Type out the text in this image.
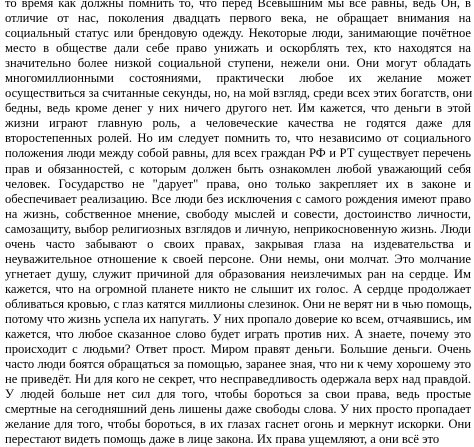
то время как должны помнить то, что перед Всевышним мы все равны, ведь Он, в
отличие от нас, поколения двадцать первого века, не обращает внимания на
социальный статус или брендовую одежду. Некоторые люди, занимающие почётное
место в обществе дали себе право унижать и оскорблять тех, кто находятся на
значительно более низкой социальной ступени, нежели они. Они могут обладать
многомиллионными состояниями, практически любое их желание может
осуществиться за считанные секунды, но, на мой взгляд, среди всех этих богатств, они
бедны, ведь кроме денег у них ничего другого нет. Им кажется, что деньги в этой
жизни играют главную роль, а человеческие качества не годятся даже для
второстепенных ролей. Но им следует помнить то, что независимо от социального
положения люди между собой равны, для всех граждан РФ и РТ существует перечень
прав и обязанностей, с которым должен быть ознакомлен любой уважающий себя
человек. Государство не "дарует" права, оно только закрепляет их в законе и
обеспечивает реализацию. Все люди без исключения с самого рождения имеют право
на жизнь, собственное мнение, свободу мыслей и совести, достоинство личности,
самозащиту, выбор религиозных взглядов и личную, неприкосновенную жизнь. Люди
очень часто забывают о своих правах, закрывая глаза на издевательства и
неуважительное отношение к своей персоне. Они немы, они молчат. Это молчание
угнетает душу, служит причиной для образования неизлечимых ран на сердце. Им
кажется, что на огромной планете никто не слышит их голос. А сердце продолжает
обливаться кровью, с глаз катятся миллионы слезинок. Они не верят ни в чью помощь,
потому что жизнь успела их напугать. У них пропало доверие ко всем, отчаявшись, им
кажется, что любое сказанное слово будет играть против них. А знаете, почему это
происходит с людьми? Ответ прост. Миром правят деньги. Большие деньги. Очень
часто люди боятся обращаться за помощью, заранее зная, что ни к чему хорошему это
не приведёт. Ни для кого не секрет, что несправедливость одержала верх над правдой.
У людей больше нет сил для того, чтобы бороться за свои права, ведь простые
смертные на сегодняшний день лишены даже свободы слова. У них просто пропадает
желание для того, чтобы бороться, в их глазах гаснет огонь и меркнут искорки. Они
перестают видеть помощь даже в лице закона. Их права ущемляют, а они всё это
